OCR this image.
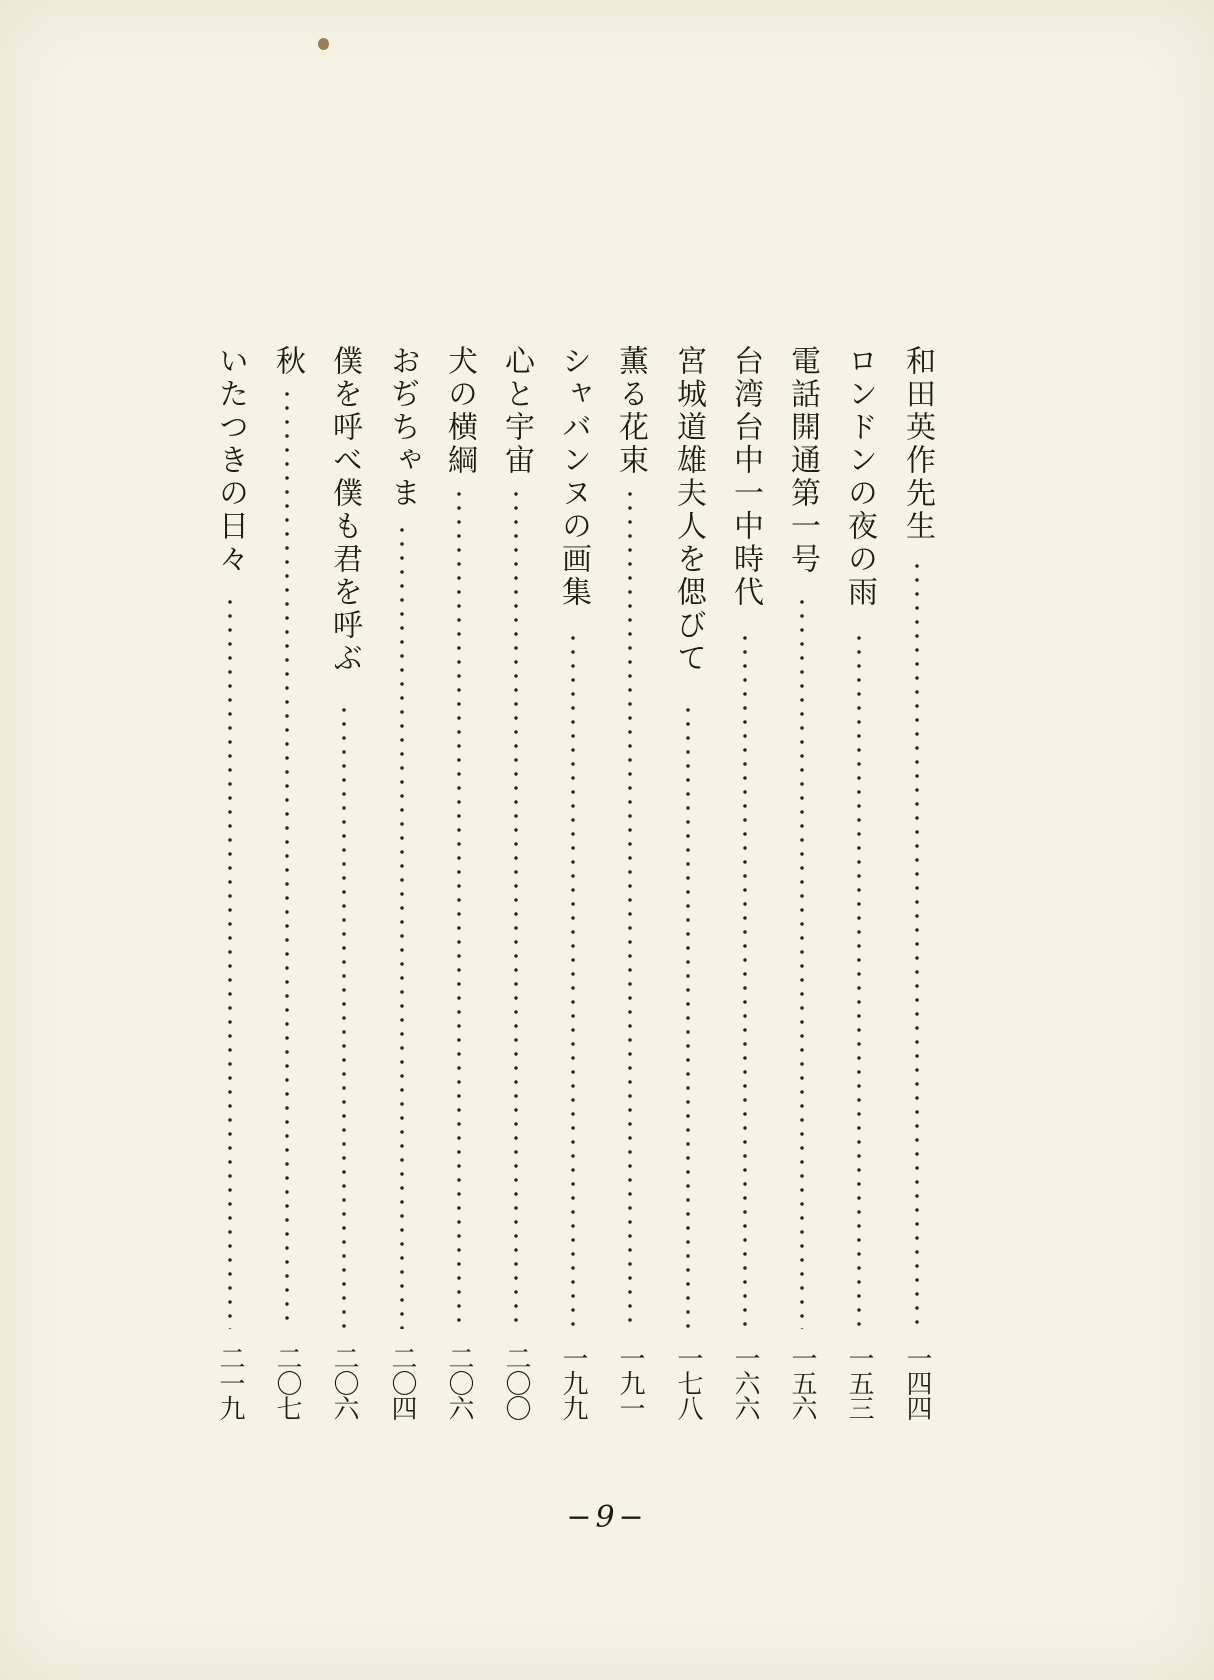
和田英作先生
一四四
ロンドンの夜の雨
一五三
電話開通第一号
一五六
台湾台中一中時代
一六六
宮城道雄夫人を偲びて
一七八
薫る花束
一九一
シャバンヌの画集
一九九
心と宇宙
二〇〇
犬の横綱
二〇六
おぢちゃま
二〇四
僕を呼べ僕も君を呼ぶ
二〇六
秋
二〇七
いたつきの日々
二一九
−9−
